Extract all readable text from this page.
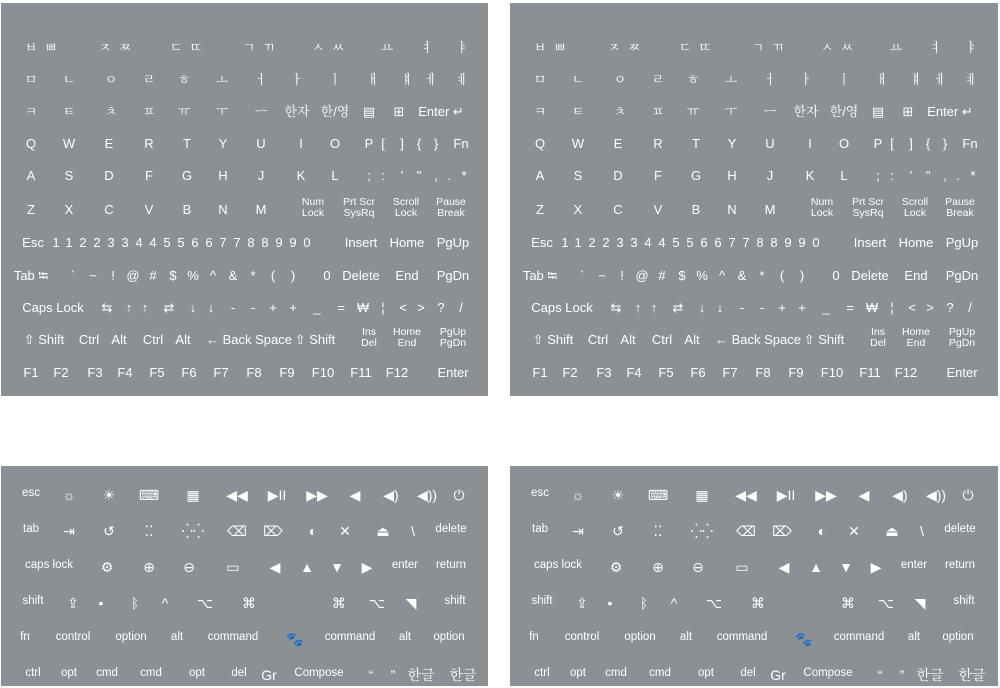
ㅂ ㅃ	ㅈ ㅉ	ㄷ ㄸ	ㄱ ㄲ	ㅅ ㅆ	ㅛ ㅕ ㅑ
ㅁ ㄴ ㅇ ㄹ ㅎ ㅗ ㅓ ㅏ ㅣ ㅐ ㅒ ㅔ ㅖ
ㅋ ㅌ ㅊ ㅍ ㅠ ㅜ ㅡ 한자 한/영 ▤ ⊞ Enter ↵
Q W E R T Y U	I O P [ ] { } Fn
A S D F G H J K L ; : ' " , . *
Z X C V B N M	Num
Lock
Prt Scr
SysRq
Scroll
Lock
Pause
Break
Esc 1 1 2 2 3 3 4 4 5 5 6 6 7 7 8 8 9 9 0	Insert Home PgUp
Tab ⭾ ` ~ ! @ # $ % ^ & * ( ) 0 Delete End PgDn
Caps Lock ⇆ ↑ ↑ ⇄ ↓ ↓ - - + + _ = ₩ ¦ < > ? /
⇧ Shift Ctrl Alt Ctrl Alt ← Back Space ⇧ Shift	Ins
Del
Home
End
PgUp
PgDn
F1 F2 F3 F4 F5 F6 F7 F8 F9 F10 F11 F12 Enter
ㅂ ㅃ	ㅈ ㅉ	ㄷ ㄸ	ㄱ ㄲ	ㅅ ㅆ	ㅛ ㅕ ㅑ
ㅁ ㄴ ㅇ ㄹ ㅎ ㅗ ㅓ ㅏ ㅣ ㅐ ㅒ ㅔ ㅖ
ㅋ ㅌ ㅊ ㅍ ㅠ ㅜ ㅡ 한자 한/영 ▤ ⊞ Enter ↵
Q W E R T Y U	I O P [ ] { } Fn
A S D F G H J K L ; : ' " , . *
Z X C V B N M	Num
Lock
Prt Scr
SysRq
Scroll
Lock
Pause
Break
Esc 1 1 2 2 3 3 4 4 5 5 6 6 7 7 8 8 9 9 0	Insert Home PgUp
Tab ⭾ ` ~ ! @ # $ % ^ & * ( ) 0 Delete End PgDn
Caps Lock ⇆ ↑ ↑ ⇄ ↓ ↓ - - + + _ = ₩ ¦ < > ? /
⇧ Shift Ctrl Alt Ctrl Alt ← Back Space ⇧ Shift	Ins
Del
Home
End
PgUp
PgDn
F1 F2 F3 F4 F5 F6 F7 F8 F9 F10 F11 F12 Enter
esc ☼ ☀ ⌨ ▦ ◀◀ ▶II ▶▶ ◀ ◀) ◀)) ⏻
tab ⇥ ↺ ⁚⁚ ⁛⁛ ⌫ ⌦ ◐ ✕ ⏏ \ delete
caps lock ⚙ ⊕ ⊖ ▭ ◀ ▲ ▼ ▶ enter return
shift ⇪ • ᛒ ^ ⌥ ⌘	⌘ ⌥ ◥ shift
fn control option alt command 🐾 command alt option
ctrl opt cmd cmd opt del Gr Compose “ ” 한글 한글
esc ☼ ☀ ⌨ ▦ ◀◀ ▶II ▶▶ ◀ ◀) ◀)) ⏻
tab ⇥ ↺ ⁚⁚ ⁛⁛ ⌫ ⌦ ◐ ✕ ⏏ \ delete
caps lock ⚙ ⊕ ⊖ ▭ ◀ ▲ ▼ ▶ enter return
shift ⇪ • ᛒ ^ ⌥ ⌘	⌘ ⌥ ◥ shift
fn control option alt command 🐾 command alt option
ctrl opt cmd cmd opt del Gr Compose “ ” 한글 한글
